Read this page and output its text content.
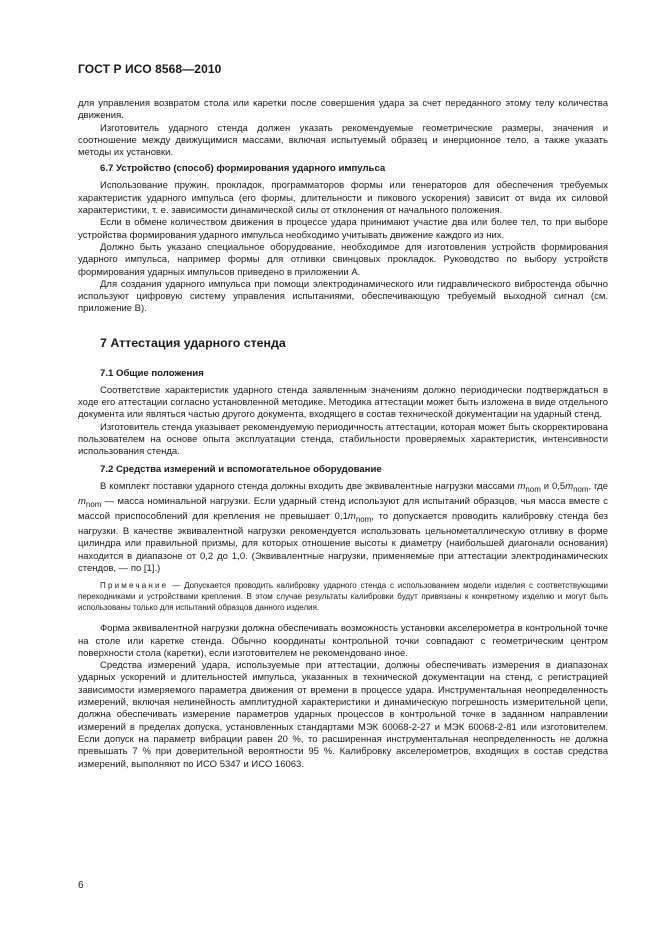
ГОСТ Р ИСО 8568—2010

для управления возвратом стола или каретки после совершения удара за счет переданного этому телу количества движения.

Изготовитель ударного стенда должен указать рекомендуемые геометрические размеры, значения и соотношение между движущимися массами, включая испытуемый образец и инерционное тело, а также указать методы их установки.

6.7 Устройство (способ) формирования ударного импульса

Использование пружин, прокладок, программаторов формы или генераторов для обеспечения требуемых характеристик ударного импульса (его формы, длительности и пикового ускорения) зависит от вида их силовой характеристики, т. е. зависимости динамической силы от отклонения от начального положения.

Если в обмене количеством движения в процессе удара принимают участие два или более тел, то при выборе устройства формирования ударного импульса необходимо учитывать движение каждого из них.

Должно быть указано специальное оборудование, необходимое для изготовления устройств формирования ударного импульса, например формы для отливки свинцовых прокладок. Руководство по выбору устройств формирования ударных импульсов приведено в приложении А.

Для создания ударного импульса при помощи электродинамического или гидравлического вибростенда обычно используют цифровую систему управления испытаниями, обеспечивающую требуемый выходной сигнал (см. приложение В).

7 Аттестация ударного стенда
7.1 Общие положения

Соответствие характеристик ударного стенда заявленным значениям должно периодически подтверждаться в ходе его аттестации согласно установленной методике. Методика аттестации может быть изложена в виде отдельного документа или являться частью другого документа, входящего в состав технической документации на ударный стенд.

Изготовитель стенда указывает рекомендуемую периодичность аттестации, которая может быть скорректирована пользователем на основе опыта эксплуатации стенда, стабильности проверяемых характеристик, интенсивности использования стенда.

7.2 Средства измерений и вспомогательное оборудование

В комплект поставки ударного стенда должны входить две эквивалентные нагрузки массами $m_{nom}$ и $0,5m_{nom}$, где $m_{nom}$ — масса номинальной нагрузки. Если ударный стенд используют для испытаний образцов, чья масса вместе с массой приспособлений для крепления не превышает $0,1m_{nom}$, то допускается проводить калибровку стенда без нагрузки. В качестве эквивалентной нагрузки рекомендуется использовать цельнометаллическую отливку в форме цилиндра или правильной призмы, для которых отношение высоты к диаметру (наибольшей диагонали основания) находится в диапазоне от 0,2 до 1,0. (Эквивалентные нагрузки, применяемые при аттестации электродинамических стендов, — по [1].)

Примечание — Допускается проводить калибровку ударного стенда с использованием модели изделия с соответствующими переходниками и устройствами крепления. В этом случае результаты калибровки будут привязаны к конкретному изделию и могут быть использованы только для испытаний образцов данного изделия.

Форма эквивалентной нагрузки должна обеспечивать возможность установки акселерометра в контрольной точке на столе или каретке стенда. Обычно координаты контрольной точки совпадают с геометрическим центром поверхности стола (каретки), если изготовителем не рекомендовано иное.

Средства измерений удара, используемые при аттестации, должны обеспечивать измерения в диапазонах ударных ускорений и длительностей импульса, указанных в технической документации на стенд, с регистрацией зависимости измеряемого параметра движения от времени в процессе удара. Инструментальная неопределенность измерений, включая нелинейность амплитудной характеристики и динамическую погрешность измерительной цепи, должна обеспечивать измерение параметров ударных процессов в контрольной точке в заданном направлении измерений в пределах допуска, установленных стандартами МЭК 60068-2-27 и МЭК 60068-2-81 или изготовителем. Если допуск на параметр вибрации равен 20 %, то расширенная инструментальная неопределенность не должна превышать 7 % при доверительной вероятности 95 %. Калибровку акселерометров, входящих в состав средства измерений, выполняют по ИСО 5347 и ИСО 16063.

6
